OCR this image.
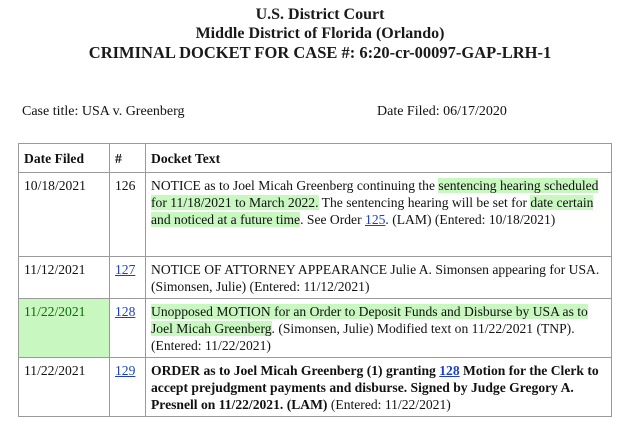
U.S. District Court
Middle District of Florida (Orlando)
CRIMINAL DOCKET FOR CASE #: 6:20-cr-00097-GAP-LRH-1
Case title: USA v. Greenberg	Date Filed: 06/17/2020
Date Filed	#	Docket Text
10/18/2021	126	NOTICE as to Joel Micah Greenberg continuing the sentencing hearing scheduled for 11/18/2021 to March 2022. The sentencing hearing will be set for date certain and noticed at a future time. See Order 125. (LAM) (Entered: 10/18/2021)
11/12/2021	127	NOTICE OF ATTORNEY APPEARANCE Julie A. Simonsen appearing for USA. (Simonsen, Julie) (Entered: 11/12/2021)
11/22/2021	128	Unopposed MOTION for an Order to Deposit Funds and Disburse by USA as to Joel Micah Greenberg. (Simonsen, Julie) Modified text on 11/22/2021 (TNP). (Entered: 11/22/2021)
11/22/2021	129	ORDER as to Joel Micah Greenberg (1) granting 128 Motion for the Clerk to accept prejudgment payments and disburse. Signed by Judge Gregory A. Presnell on 11/22/2021. (LAM) (Entered: 11/22/2021)
